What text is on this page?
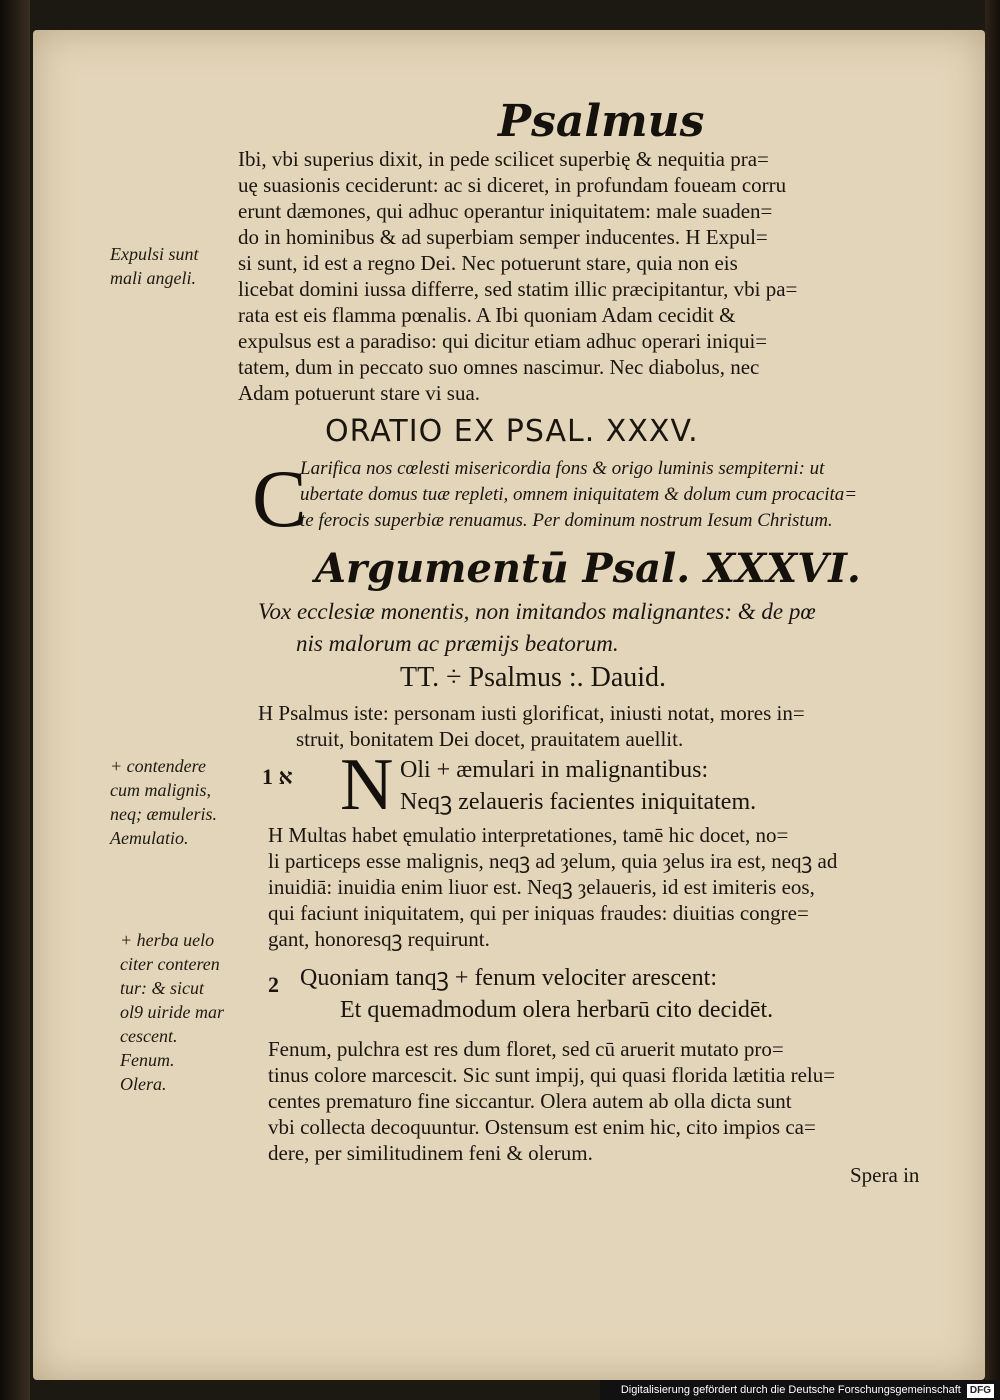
Psalmus
Ibi, vbi superius dixit, in pede scilicet superbię & nequitia pra=
uę suasionis ceciderunt: ac si diceret, in profundam foueam corru
erunt dæmones, qui adhuc operantur iniquitatem: male suaden=
do in hominibus & ad superbiam semper inducentes. H Expul=
si sunt, id est a regno Dei. Nec potuerunt stare, quia non eis
licebat domini iussa differre, sed statim illic præcipitantur, vbi pa=
rata est eis flamma pœnalis. A Ibi quoniam Adam cecidit &
expulsus est a paradiso: qui dicitur etiam adhuc operari iniqui=
tatem, dum in peccato suo omnes nascimur. Nec diabolus, nec
Adam potuerunt stare vi sua.
ORATIO EX PSAL. XXXV.
C
Larifica nos cœlesti misericordia fons & origo luminis sempiterni: ut
ubertate domus tuæ repleti, omnem iniquitatem & dolum cum procacita=
te ferocis superbiæ renuamus. Per dominum nostrum Iesum Christum.
Argumentū Psal. XXXVI.
Vox ecclesiæ monentis, non imitandos malignantes: & de pœ
nis malorum ac præmijs beatorum.
TT. ÷ Psalmus :. Dauid.
H Psalmus iste: personam iusti glorificat, iniusti notat, mores in=
struit, bonitatem Dei docet, prauitatem auellit.
1 א N Oli + æmulari in malignantibus:
Neqꝫ zelaueris facientes iniquitatem.
H Multas habet ęmulatio interpretationes, tamē hic docet, no=
li particeps esse malignis, neqꝫ ad ȝelum, quia ȝelus ira est, neqꝫ ad
inuidiā: inuidia enim liuor est. Neqꝫ ȝelaueris, id est imiteris eos,
qui faciunt iniquitatem, qui per iniquas fraudes: diuitias congre=
gant, honoresqꝫ requirunt.
2 Quoniam tanqꝫ + fenum velociter arescent:
Et quemadmodum olera herbarū cito decidēt.
Fenum, pulchra est res dum floret, sed cū aruerit mutato pro=
tinus colore marcescit. Sic sunt impij, qui quasi florida lætitia relu=
centes prematuro fine siccantur. Olera autem ab olla dicta sunt
vbi collecta decoquuntur. Ostensum est enim hic, cito impios ca=
dere, per similitudinem feni & olerum.
Spera in
Expulsi sunt
mali angeli.
+ contendere
cum malignis,
neq; æmuleris.
Aemulatio.
+ herba uelo
citer conteren
tur: & sicut
ol9 uiride mar
cescent.
Fenum.
Olera.
Digitalisierung gefördert durch die Deutsche Forschungsgemeinschaft DFG
